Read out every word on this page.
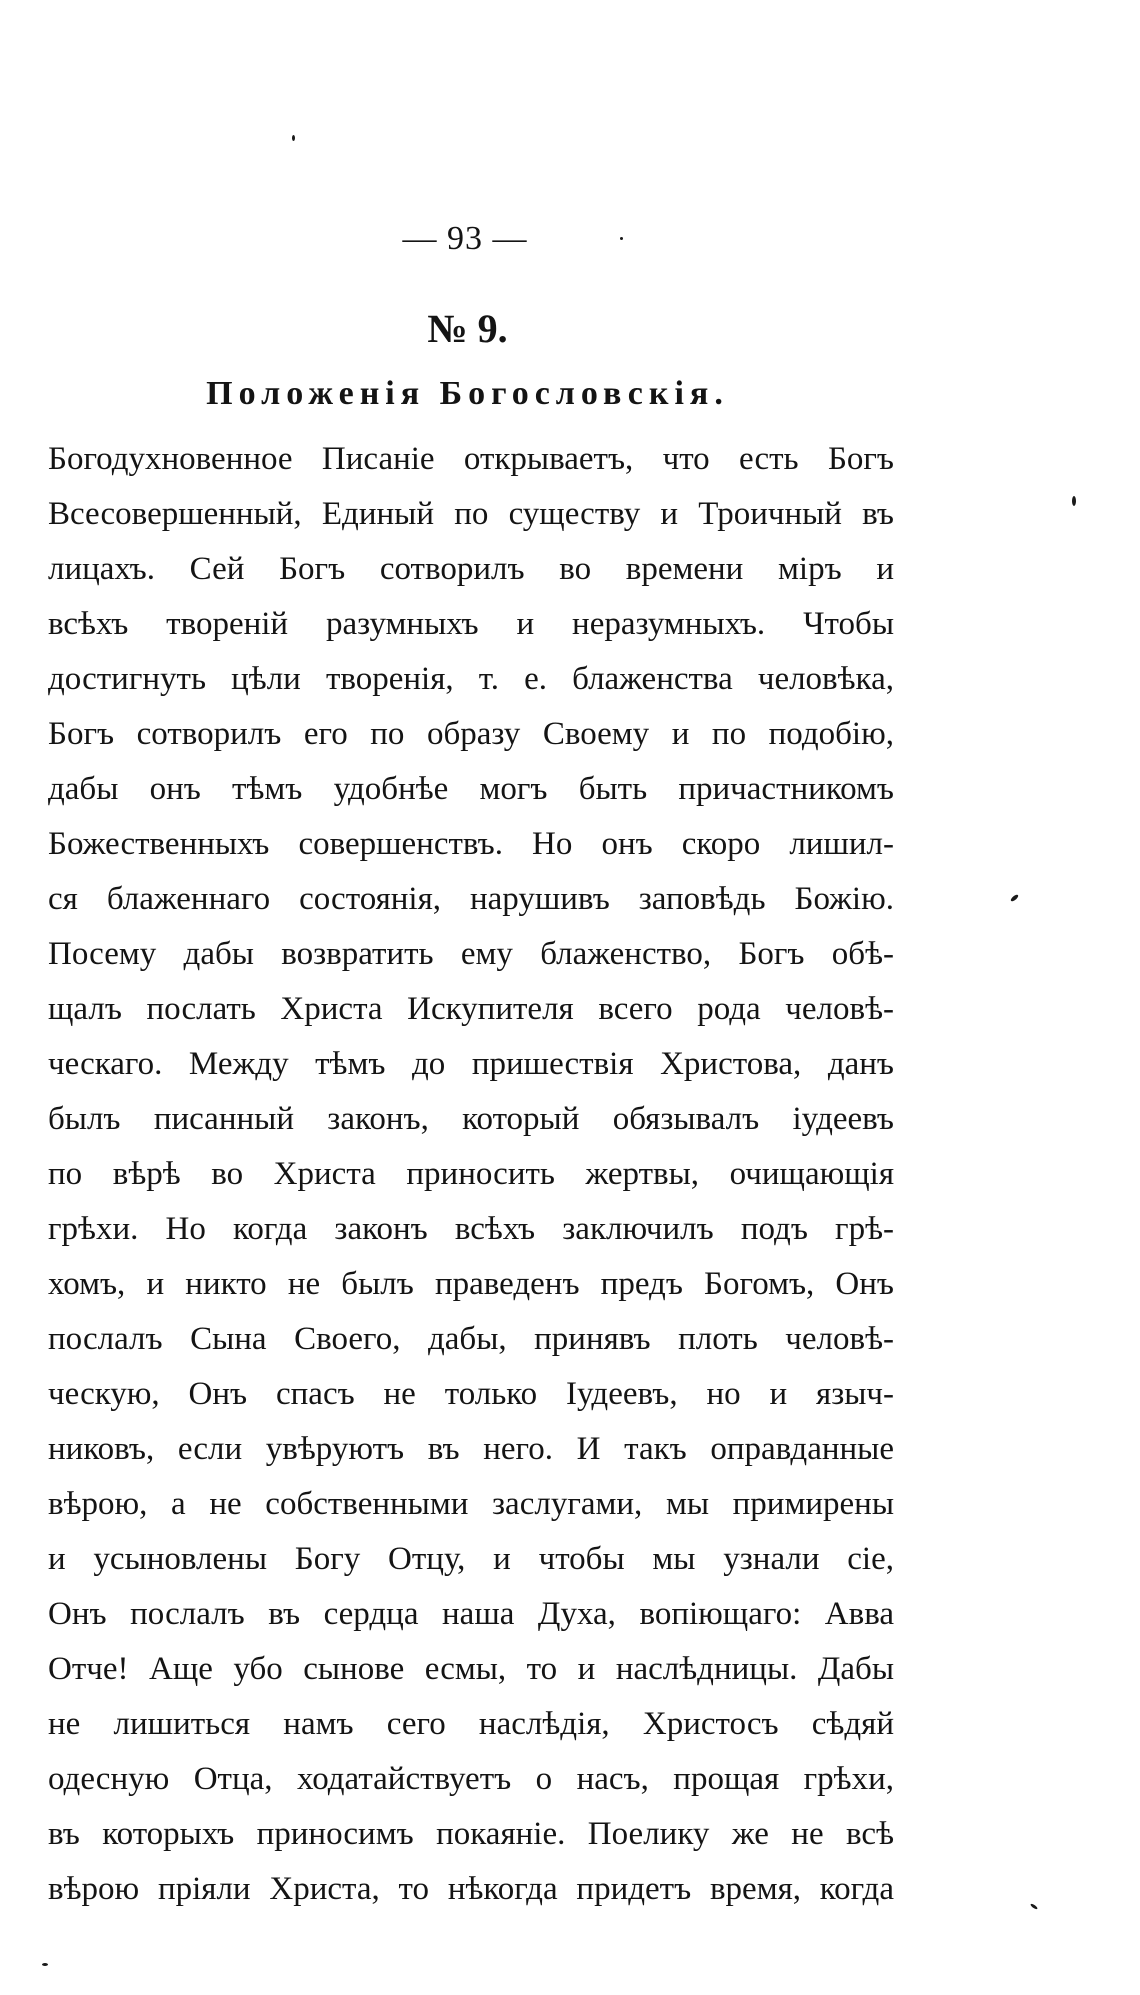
— 93 —
№ 9.
Положенія Богословскія.
Богодухновенное Писаніе открываетъ, что есть Богъ
Всесовершенный, Единый по существу и Троичный въ
лицахъ. Сей Богъ сотворилъ во времени міръ и
всѣхъ твореній разумныхъ и неразумныхъ. Чтобы
достигнуть цѣли творенія, т. е. блаженства человѣка,
Богъ сотворилъ его по образу Своему и по подобію,
дабы онъ тѣмъ удобнѣе могъ быть причастникомъ
Божественныхъ совершенствъ. Но онъ скоро лишил-
ся блаженнаго состоянія, нарушивъ заповѣдь Божію.
Посему дабы возвратить ему блаженство, Богъ обѣ-
щалъ послать Христа Искупителя всего рода человѣ-
ческаго. Между тѣмъ до пришествія Христова, данъ
былъ писанный законъ, который обязывалъ іудеевъ
по вѣрѣ во Христа приносить жертвы, очищающія
грѣхи. Но когда законъ всѣхъ заключилъ подъ грѣ-
хомъ, и никто не былъ праведенъ предъ Богомъ, Онъ
послалъ Сына Своего, дабы, принявъ плоть человѣ-
ческую, Онъ спасъ не только Іудеевъ, но и языч-
никовъ, если увѣруютъ въ него. И такъ оправданные
вѣрою, а не собственными заслугами, мы примирены
и усыновлены Богу Отцу, и чтобы мы узнали сіе,
Онъ послалъ въ сердца наша Духа, вопіющаго: Авва
Отче! Аще убо сынове есмы, то и наслѣдницы. Дабы
не лишиться намъ сего наслѣдія, Христосъ сѣдяй
одесную Отца, ходатайствуетъ о насъ, прощая грѣхи,
въ которыхъ приносимъ покаяніе. Поелику же не всѣ
вѣрою пріяли Христа, то нѣкогда придетъ время, когда
